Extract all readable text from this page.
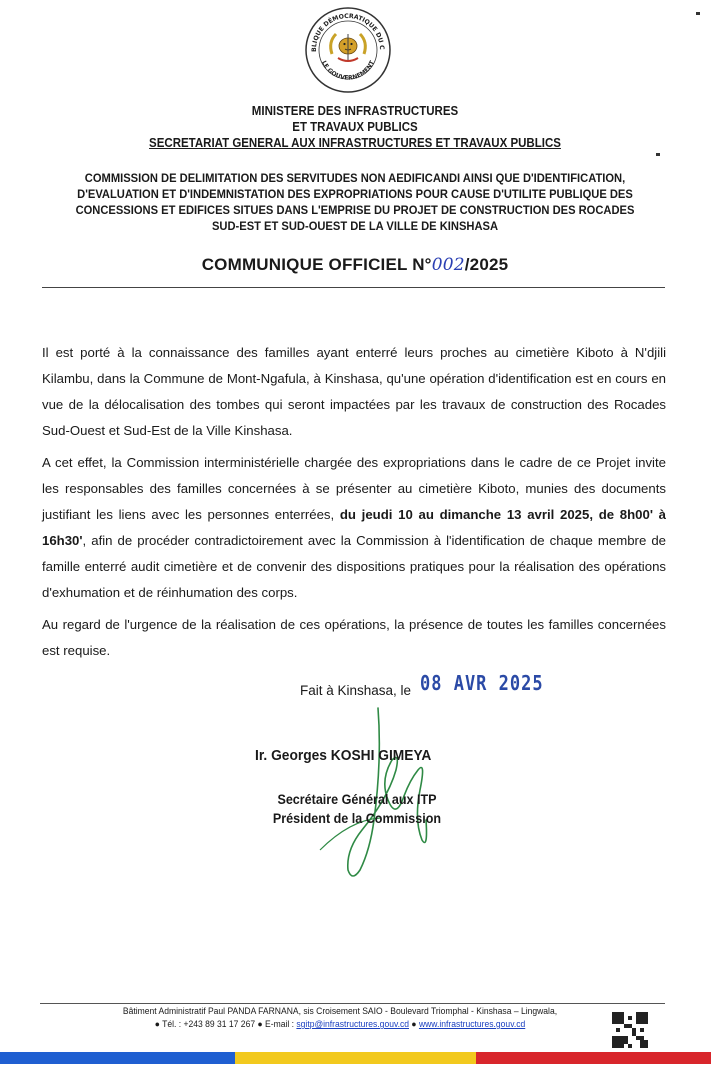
BLIQUE DÉMOCRATIQUE DU C
LE GOUVERNEMENT
MINISTERE DES INFRASTRUCTURES
ET TRAVAUX PUBLICS
SECRETARIAT GENERAL AUX INFRASTRUCTURES ET TRAVAUX PUBLICS
COMMISSION DE DELIMITATION DES SERVITUDES NON AEDIFICANDI AINSI QUE D'IDENTIFICATION,
D'EVALUATION ET D'INDEMNISTATION DES EXPROPRIATIONS POUR CAUSE D'UTILITE PUBLIQUE DES
CONCESSIONS ET EDIFICES SITUES DANS L'EMPRISE DU PROJET DE CONSTRUCTION DES ROCADES
SUD-EST ET SUD-OUEST DE LA VILLE DE KINSHASA
COMMUNIQUE OFFICIEL N°002/2025

Il est porté à la connaissance des familles ayant enterré leurs proches au cimetière Kiboto à N'djili Kilambu, dans la Commune de Mont-Ngafula, à Kinshasa, qu'une opération d'identification est en cours en vue de la délocalisation des tombes qui seront impactées par les travaux de construction des Rocades Sud-Ouest et Sud-Est de la Ville Kinshasa.

A cet effet, la Commission interministérielle chargée des expropriations dans le cadre de ce Projet invite les responsables des familles concernées à se présenter au cimetière Kiboto, munies des documents justifiant les liens avec les personnes enterrées, du jeudi 10 au dimanche 13 avril 2025, de 8h00' à 16h30', afin de procéder contradictoirement avec la Commission à l'identification de chaque membre de famille enterré audit cimetière et de convenir des dispositions pratiques pour la réalisation des opérations d'exhumation et de réinhumation des corps.

Au regard de l'urgence de la réalisation de ces opérations, la présence de toutes les familles concernées est requise.

Fait à Kinshasa, le 08 AVR 2025
Ir. Georges KOSHI GIMEYA
Secrétaire Général aux ITP
Président de la Commission
Bâtiment Administratif Paul PANDA FARNANA, sis Croisement SAIO - Boulevard Triomphal - Kinshasa – Lingwala,
● Tél. : +243 89 31 17 267 ● E-mail : sgitp@infrastructures.gouv.cd ● www.infrastructures.gouv.cd
